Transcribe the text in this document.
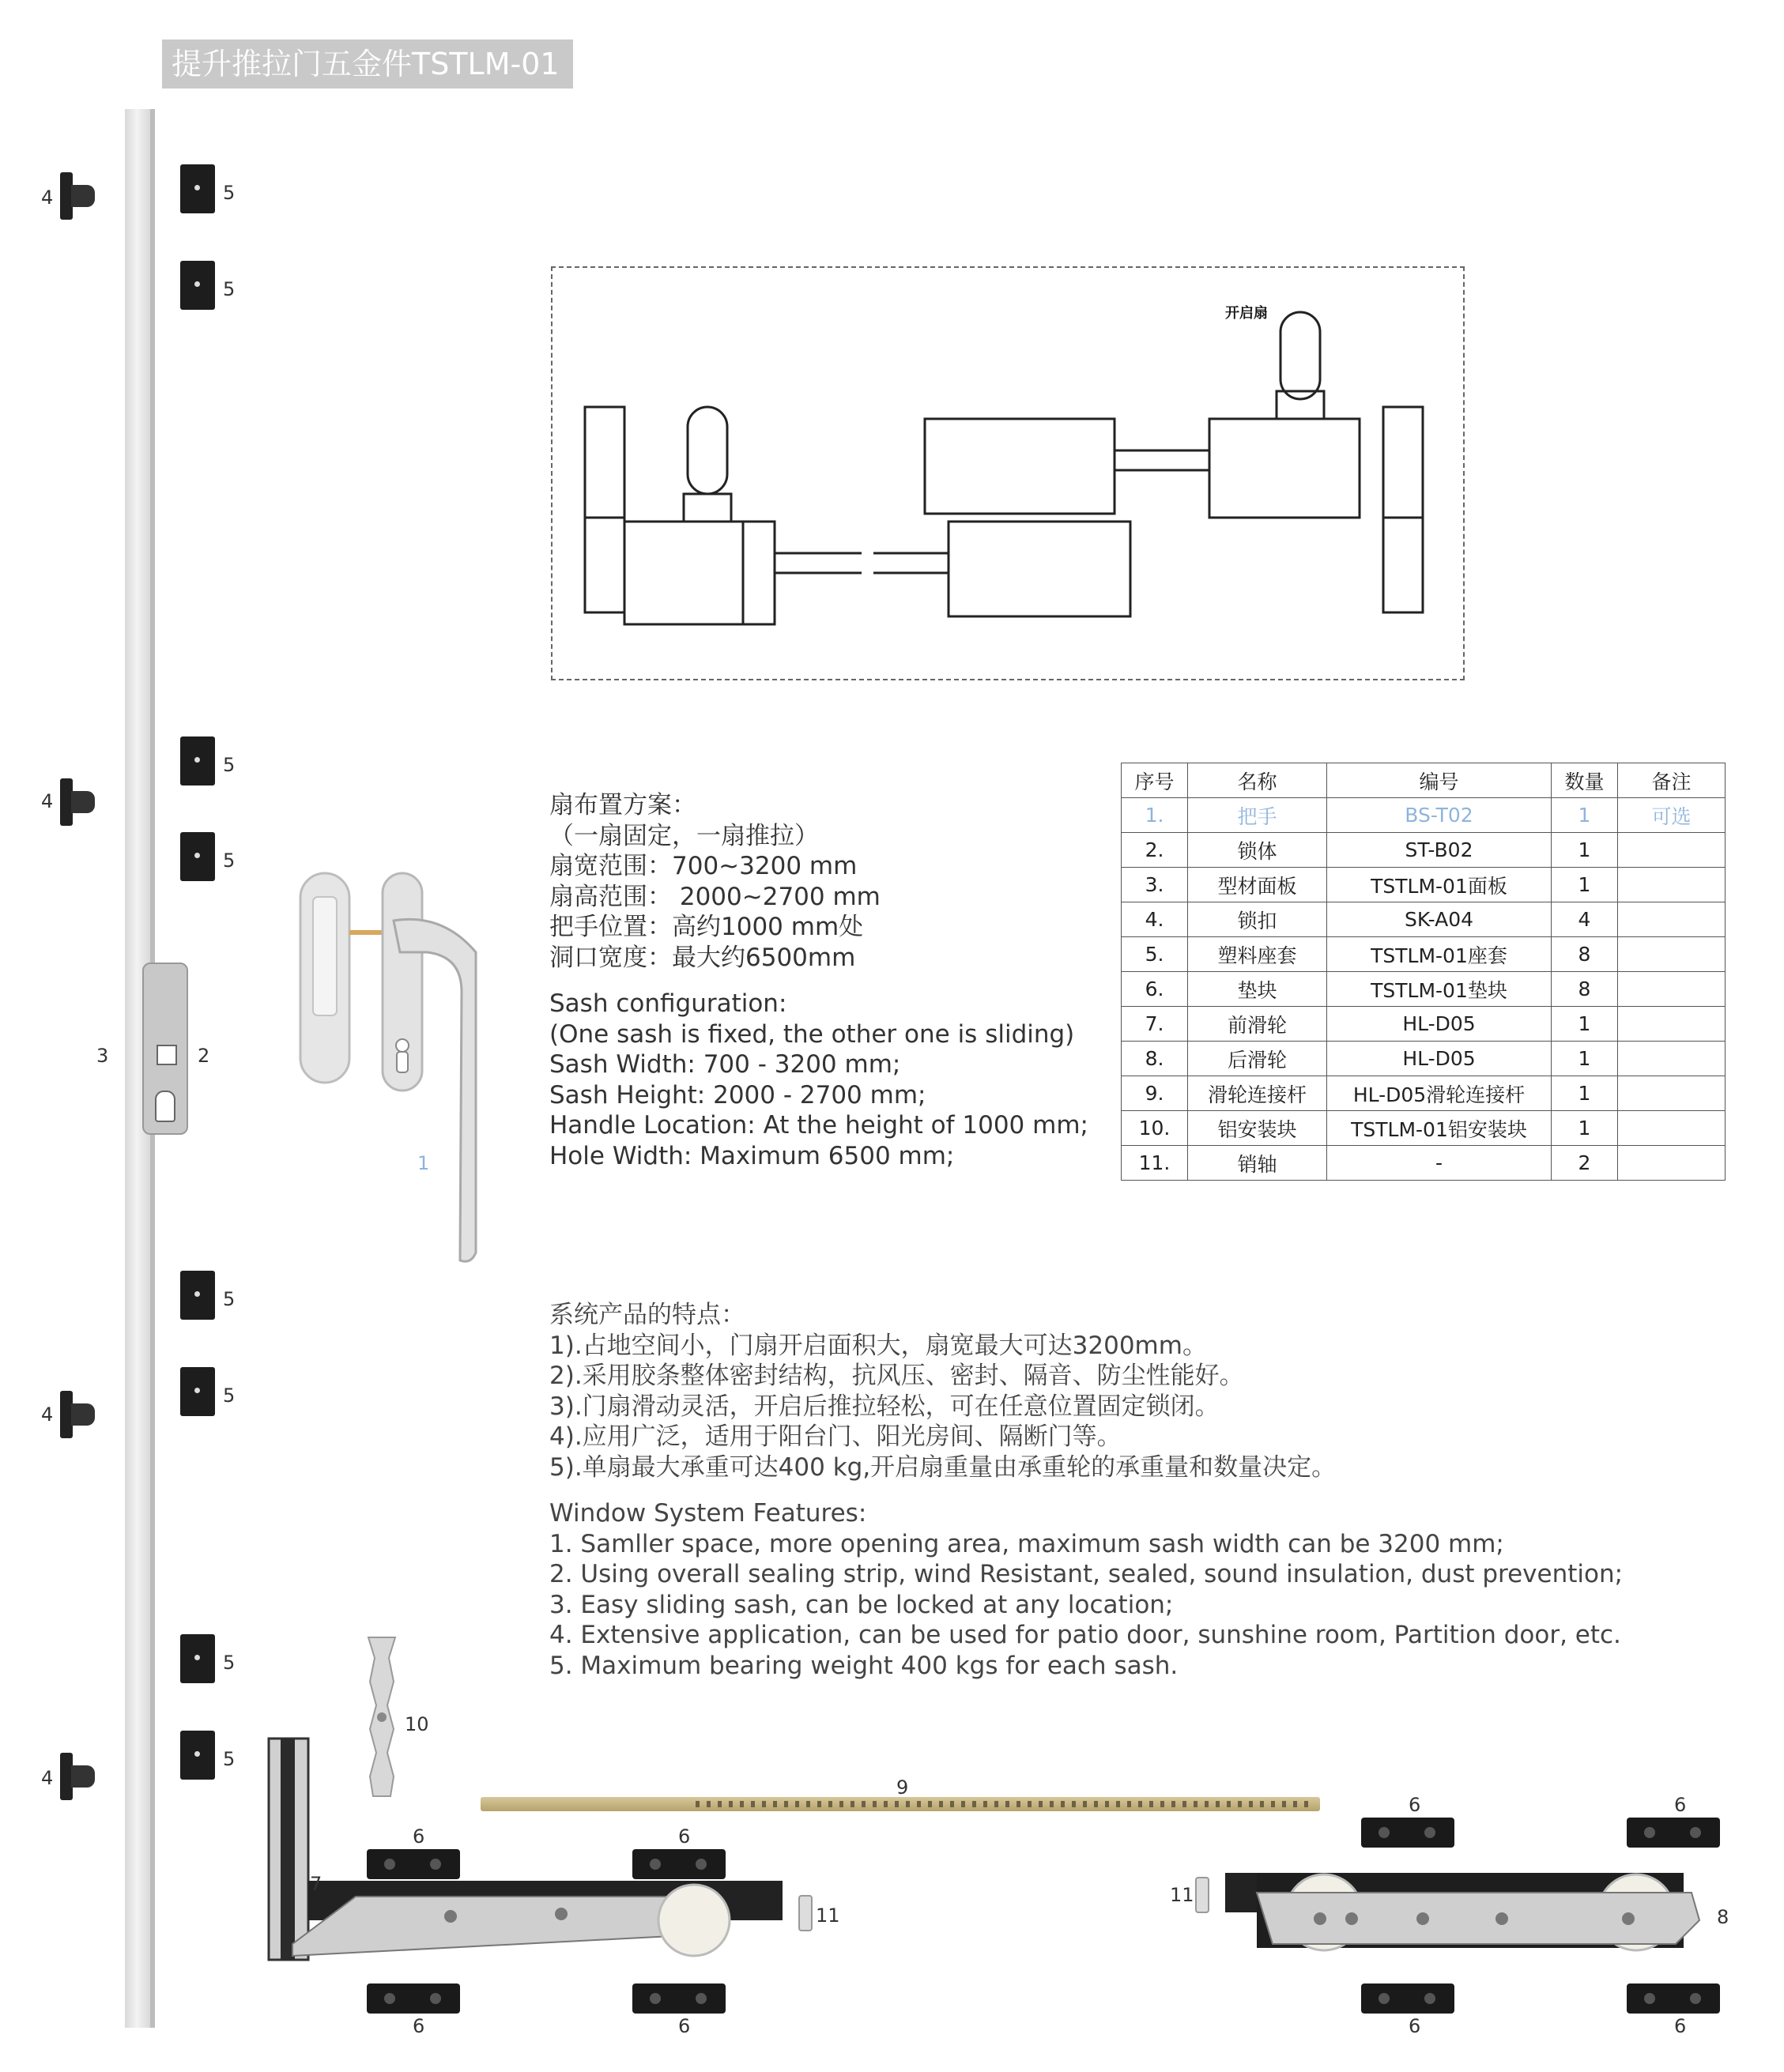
提升推拉门五金件TSTLM-01
3	2
4
4
4
4
5
5
5
5
5
5
5
5
1
开启扇
扇布置方案：
（一扇固定，一扇推拉）
扇宽范围：700~3200 mm
扇高范围： 2000~2700 mm
把手位置：高约1000 mm处
洞口宽度：最大约6500mm
Sash configuration:
(One sash is fixed, the other one is sliding)
Sash Width: 700 - 3200 mm;
Sash Height: 2000 - 2700 mm;
Handle Location: At the height of 1000 mm;
Hole Width: Maximum 6500 mm;
序号	名称	编号	数量	备注
1.	把手	BS-T02	1	可选
2.	锁体	ST-B02	1	
3.	型材面板	TSTLM-01面板	1	
4.	锁扣	SK-A04	4	
5.	塑料座套	TSTLM-01座套	8	
6.	垫块	TSTLM-01垫块	8	
7.	前滑轮	HL-D05	1	
8.	后滑轮	HL-D05	1	
9.	滑轮连接杆	HL-D05滑轮连接杆	1	
10.	铝安装块	TSTLM-01铝安装块	1	
11.	销轴	-	2	
系统产品的特点：
1).占地空间小，门扇开启面积大，扇宽最大可达3200mm。
2).采用胶条整体密封结构，抗风压、密封、隔音、防尘性能好。
3).门扇滑动灵活，开启后推拉轻松，可在任意位置固定锁闭。
4).应用广泛，适用于阳台门、阳光房间、隔断门等。
5).单扇最大承重可达400 kg,开启扇重量由承重轮的承重量和数量决定。
Window System Features:
1. Samller space, more opening area, maximum sash width can be 3200 mm;
2. Using overall sealing strip, wind Resistant, sealed, sound insulation, dust prevention;
3. Easy sliding sash, can be locked at any location;
4. Extensive application, can be used for patio door, sunshine room, Partition door, etc.
5. Maximum bearing weight 400 kgs for each sash.
10
9
7
11
6	6
6	6
11
8
6	6
6	6
